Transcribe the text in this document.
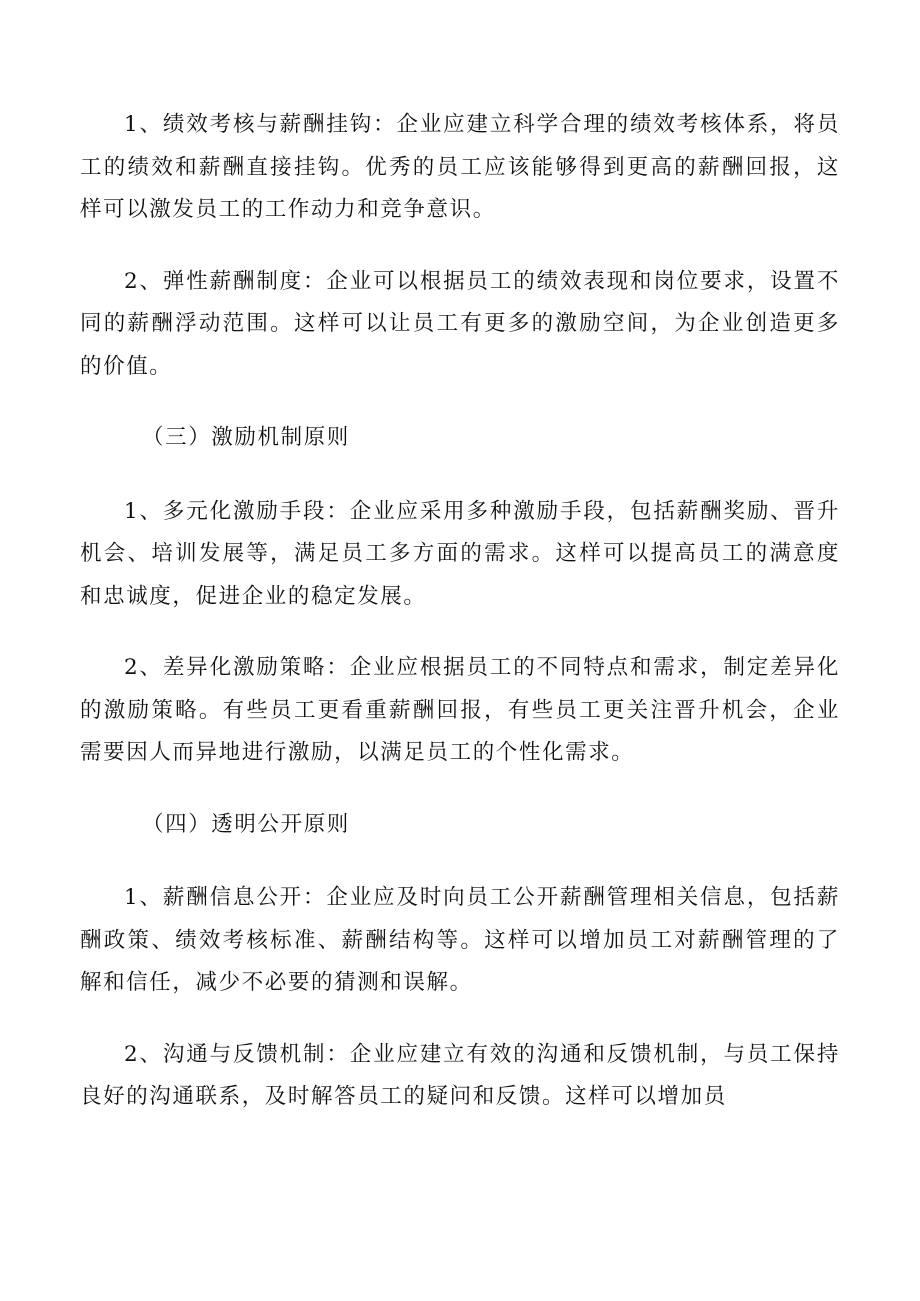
1、绩效考核与薪酬挂钩：企业应建立科学合理的绩效考核体系，将员工的绩效和薪酬直接挂钩。优秀的员工应该能够得到更高的薪酬回报，这样可以激发员工的工作动力和竞争意识。

2、弹性薪酬制度：企业可以根据员工的绩效表现和岗位要求，设置不同的薪酬浮动范围。这样可以让员工有更多的激励空间，为企业创造更多的价值。

（三）激励机制原则

1、多元化激励手段：企业应采用多种激励手段，包括薪酬奖励、晋升机会、培训发展等，满足员工多方面的需求。这样可以提高员工的满意度和忠诚度，促进企业的稳定发展。

2、差异化激励策略：企业应根据员工的不同特点和需求，制定差异化的激励策略。有些员工更看重薪酬回报，有些员工更关注晋升机会，企业需要因人而异地进行激励，以满足员工的个性化需求。

（四）透明公开原则

1、薪酬信息公开：企业应及时向员工公开薪酬管理相关信息，包括薪酬政策、绩效考核标准、薪酬结构等。这样可以增加员工对薪酬管理的了解和信任，减少不必要的猜测和误解。

2、沟通与反馈机制：企业应建立有效的沟通和反馈机制，与员工保持良好的沟通联系，及时解答员工的疑问和反馈。这样可以增加员
